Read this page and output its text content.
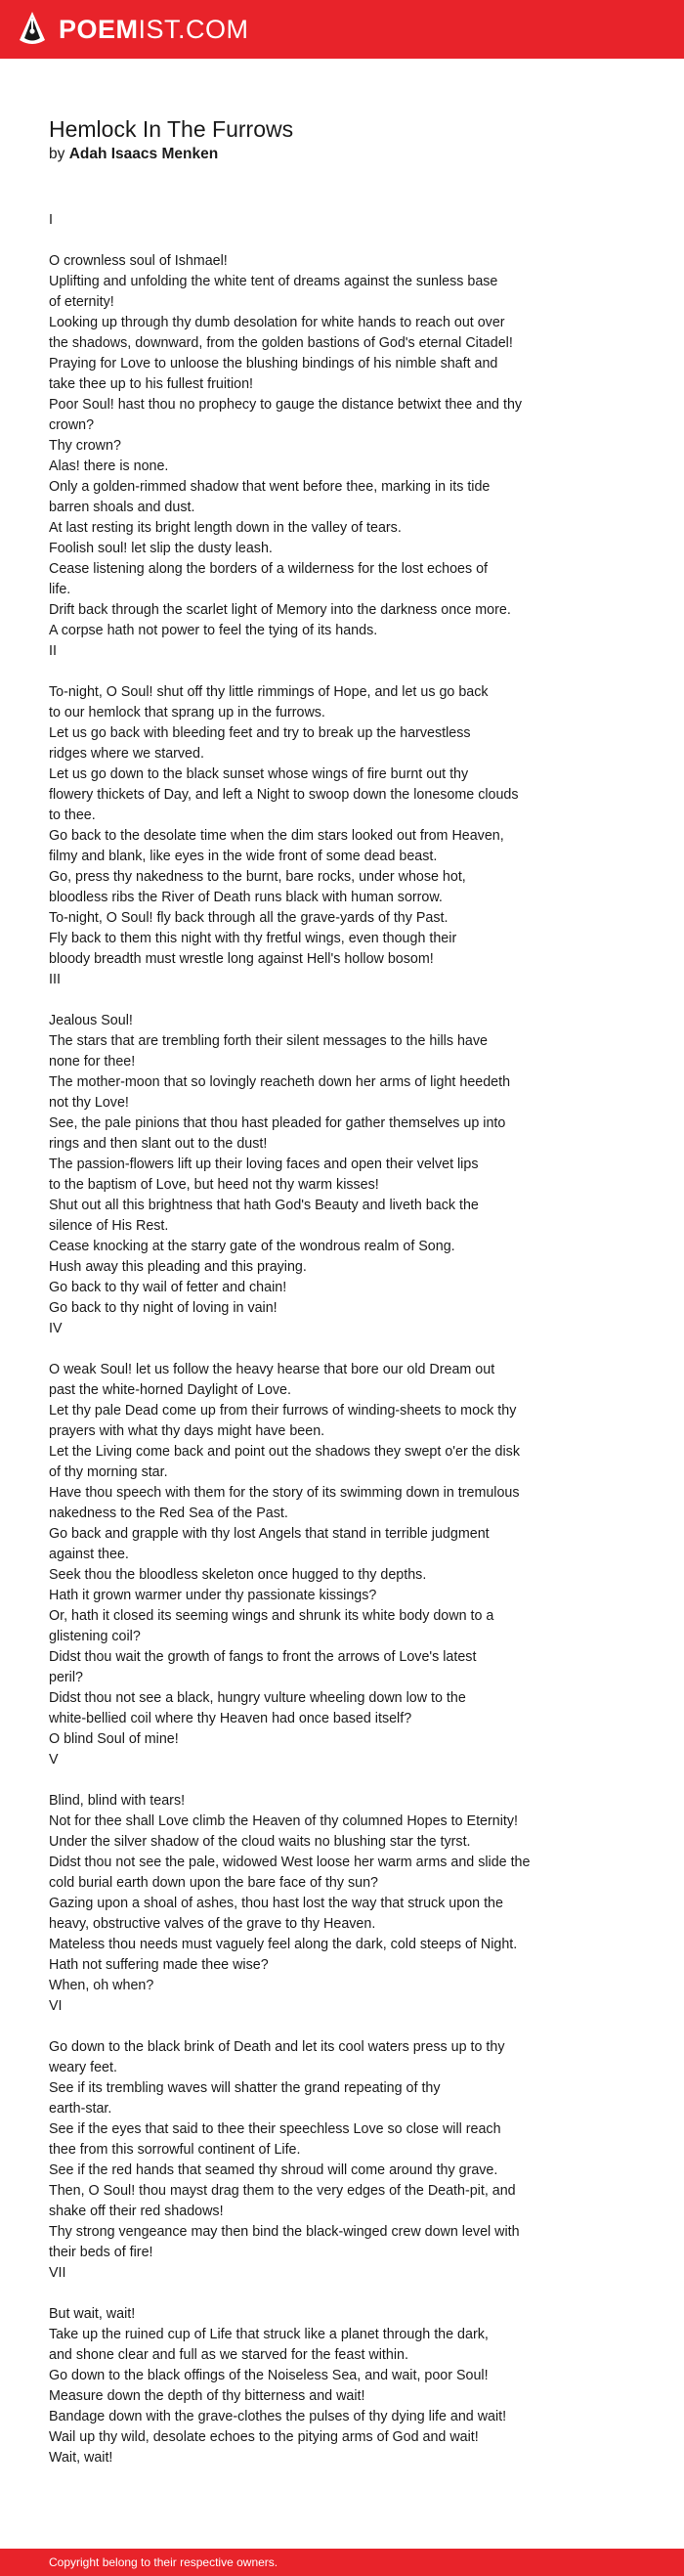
POEMIST.COM
Hemlock In The Furrows
by Adah Isaacs Menken
I
O crownless soul of Ishmael!
Uplifting and unfolding the white tent of dreams against the sunless base
of eternity!
Looking up through thy dumb desolation for white hands to reach out over
the shadows, downward, from the golden bastions of God's eternal Citadel!
Praying for Love to unloose the blushing bindings of his nimble shaft and
take thee up to his fullest fruition!
Poor Soul! hast thou no prophecy to gauge the distance betwixt thee and thy
crown?
Thy crown?
Alas! there is none.
Only a golden-rimmed shadow that went before thee, marking in its tide
barren shoals and dust.
At last resting its bright length down in the valley of tears.
Foolish soul! let slip the dusty leash.
Cease listening along the borders of a wilderness for the lost echoes of
life.
Drift back through the scarlet light of Memory into the darkness once more.
A corpse hath not power to feel the tying of its hands.
II
To-night, O Soul! shut off thy little rimmings of Hope, and let us go back
to our hemlock that sprang up in the furrows.
Let us go back with bleeding feet and try to break up the harvestless
ridges where we starved.
Let us go down to the black sunset whose wings of fire burnt out thy
flowery thickets of Day, and left a Night to swoop down the lonesome clouds
to thee.
Go back to the desolate time when the dim stars looked out from Heaven,
filmy and blank, like eyes in the wide front of some dead beast.
Go, press thy nakedness to the burnt, bare rocks, under whose hot,
bloodless ribs the River of Death runs black with human sorrow.
To-night, O Soul! fly back through all the grave-yards of thy Past.
Fly back to them this night with thy fretful wings, even though their
bloody breadth must wrestle long against Hell's hollow bosom!
III
Jealous Soul!
The stars that are trembling forth their silent messages to the hills have
none for thee!
The mother-moon that so lovingly reacheth down her arms of light heedeth
not thy Love!
See, the pale pinions that thou hast pleaded for gather themselves up into
rings and then slant out to the dust!
The passion-flowers lift up their loving faces and open their velvet lips
to the baptism of Love, but heed not thy warm kisses!
Shut out all this brightness that hath God's Beauty and liveth back the
silence of His Rest.
Cease knocking at the starry gate of the wondrous realm of Song.
Hush away this pleading and this praying.
Go back to thy wail of fetter and chain!
Go back to thy night of loving in vain!
IV
O weak Soul! let us follow the heavy hearse that bore our old Dream out
past the white-horned Daylight of Love.
Let thy pale Dead come up from their furrows of winding-sheets to mock thy
prayers with what thy days might have been.
Let the Living come back and point out the shadows they swept o'er the disk
of thy morning star.
Have thou speech with them for the story of its swimming down in tremulous
nakedness to the Red Sea of the Past.
Go back and grapple with thy lost Angels that stand in terrible judgment
against thee.
Seek thou the bloodless skeleton once hugged to thy depths.
Hath it grown warmer under thy passionate kissings?
Or, hath it closed its seeming wings and shrunk its white body down to a
glistening coil?
Didst thou wait the growth of fangs to front the arrows of Love's latest
peril?
Didst thou not see a black, hungry vulture wheeling down low to the
white-bellied coil where thy Heaven had once based itself?
O blind Soul of mine!
V
Blind, blind with tears!
Not for thee shall Love climb the Heaven of thy columned Hopes to Eternity!
Under the silver shadow of the cloud waits no blushing star the tyrst.
Didst thou not see the pale, widowed West loose her warm arms and slide the
cold burial earth down upon the bare face of thy sun?
Gazing upon a shoal of ashes, thou hast lost the way that struck upon the
heavy, obstructive valves of the grave to thy Heaven.
Mateless thou needs must vaguely feel along the dark, cold steeps of Night.
Hath not suffering made thee wise?
When, oh when?
VI
Go down to the black brink of Death and let its cool waters press up to thy
weary feet.
See if its trembling waves will shatter the grand repeating of thy
earth-star.
See if the eyes that said to thee their speechless Love so close will reach
thee from this sorrowful continent of Life.
See if the red hands that seamed thy shroud will come around thy grave.
Then, O Soul! thou mayst drag them to the very edges of the Death-pit, and
shake off their red shadows!
Thy strong vengeance may then bind the black-winged crew down level with
their beds of fire!
VII
But wait, wait!
Take up the ruined cup of Life that struck like a planet through the dark,
and shone clear and full as we starved for the feast within.
Go down to the black offings of the Noiseless Sea, and wait, poor Soul!
Measure down the depth of thy bitterness and wait!
Bandage down with the grave-clothes the pulses of thy dying life and wait!
Wail up thy wild, desolate echoes to the pitying arms of God and wait!
Wait, wait!
Copyright belong to their respective owners.
